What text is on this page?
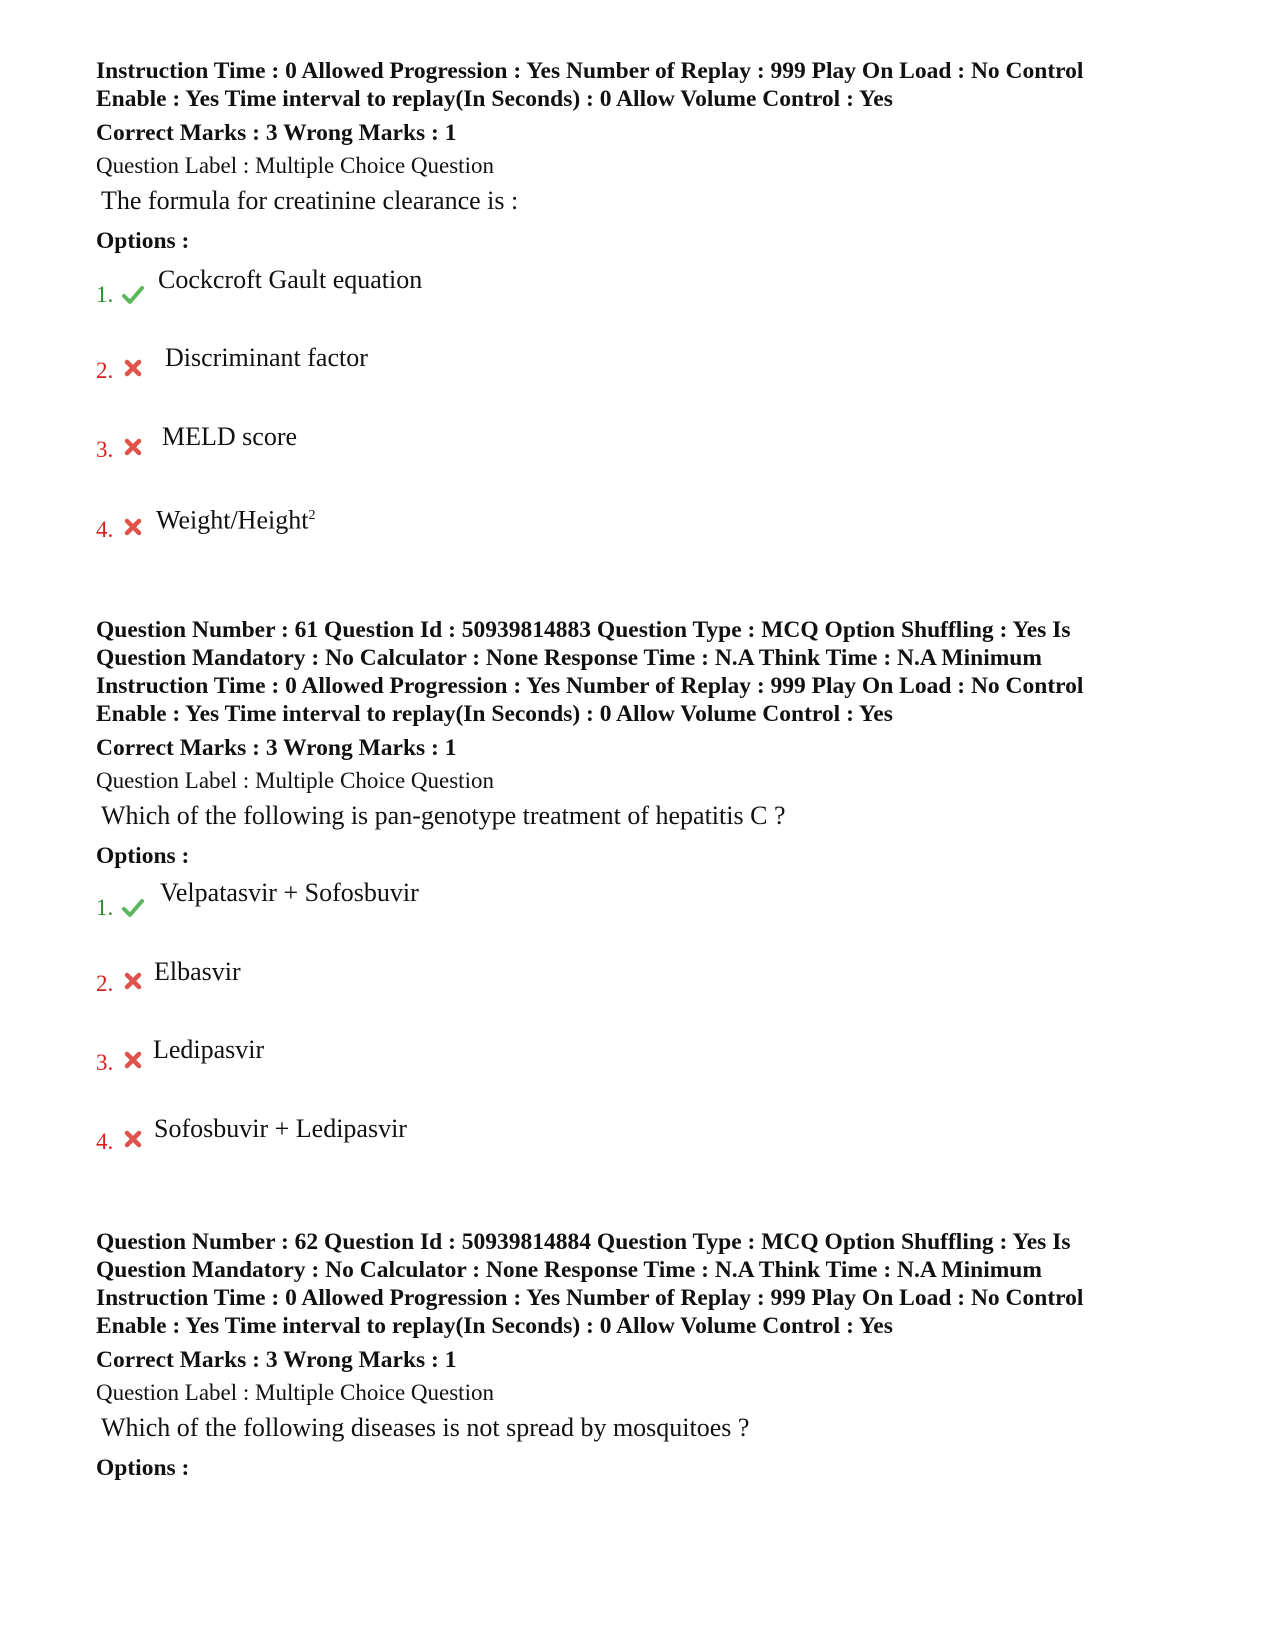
Instruction Time : 0 Allowed Progression : Yes Number of Replay : 999 Play On Load : No Control
Enable : Yes Time interval to replay(In Seconds) : 0 Allow Volume Control : Yes
Correct Marks : 3 Wrong Marks : 1
Question Label : Multiple Choice Question
The formula for creatinine clearance is :
Options :
1.
Cockcroft Gault equation
2. Discriminant factor
3. MELD score
4. Weight/Height$^2$
Question Number : 61 Question Id : 50939814883 Question Type : MCQ Option Shuffling : Yes Is
Question Mandatory : No Calculator : None Response Time : N.A Think Time : N.A Minimum
Instruction Time : 0 Allowed Progression : Yes Number of Replay : 999 Play On Load : No Control
Enable : Yes Time interval to replay(In Seconds) : 0 Allow Volume Control : Yes
Correct Marks : 3 Wrong Marks : 1
Question Label : Multiple Choice Question
Which of the following is pan-genotype treatment of hepatitis C ?
Options :
1.
Velpatasvir + Sofosbuvir
2. Elbasvir
3. Ledipasvir
4. Sofosbuvir + Ledipasvir
Question Number : 62 Question Id : 50939814884 Question Type : MCQ Option Shuffling : Yes Is
Question Mandatory : No Calculator : None Response Time : N.A Think Time : N.A Minimum
Instruction Time : 0 Allowed Progression : Yes Number of Replay : 999 Play On Load : No Control
Enable : Yes Time interval to replay(In Seconds) : 0 Allow Volume Control : Yes
Correct Marks : 3 Wrong Marks : 1
Question Label : Multiple Choice Question
Which of the following diseases is not spread by mosquitoes ?
Options :
